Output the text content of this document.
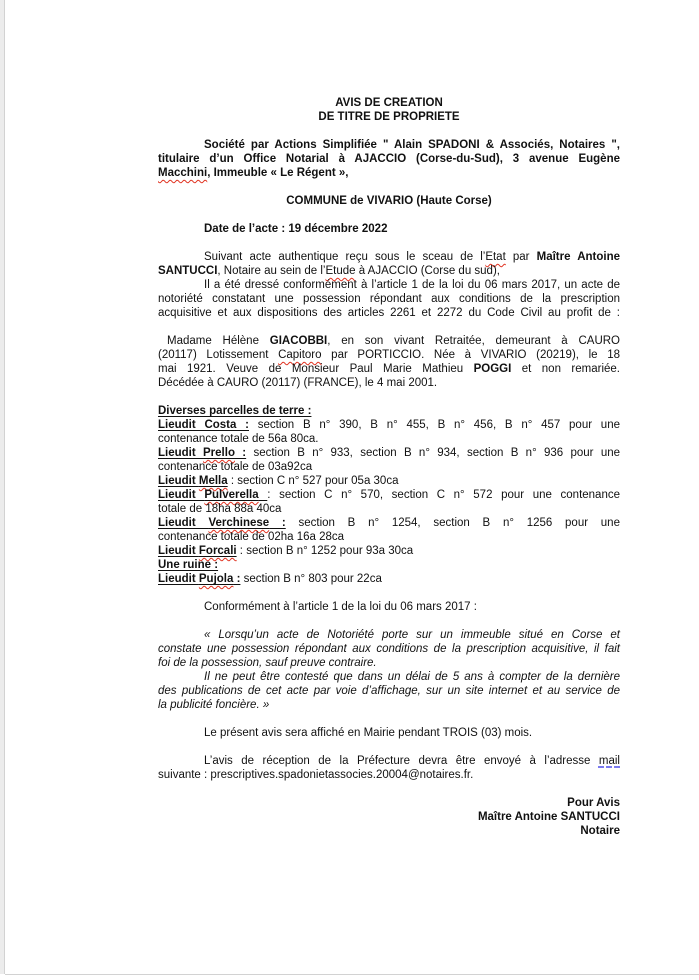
AVIS DE CREATION
DE TITRE DE PROPRIETE
Société par Actions Simplifiée " Alain SPADONI & Associés, Notaires ",
titulaire d’un Office Notarial à AJACCIO (Corse-du-Sud), 3 avenue Eugène
Macchini, Immeuble « Le Régent »,
COMMUNE de VIVARIO (Haute Corse)
Date de l’acte : 19 décembre 2022
Suivant acte authentique reçu sous le sceau de l’Etat par Maître Antoine
SANTUCCI, Notaire au sein de l’Etude à AJACCIO (Corse du sud),
Il a été dressé conformément à l’article 1 de la loi du 06 mars 2017, un acte de
notoriété constatant une possession répondant aux conditions de la prescription
acquisitive et aux dispositions des articles 2261 et 2272 du Code Civil au profit de :
Madame Hélène GIACOBBI, en son vivant Retraitée, demeurant à CAURO
(20117) Lotissement Capitoro par PORTICCIO. Née à VIVARIO (20219), le 18
mai 1921. Veuve de Monsieur Paul Marie Mathieu POGGI et non remariée.
Décédée à CAURO (20117) (FRANCE), le 4 mai 2001.
Diverses parcelles de terre :
Lieudit Costa : section B n° 390, B n° 455, B n° 456, B n° 457 pour une
contenance totale de 56a 80ca.
Lieudit Prello : section B n° 933, section B n° 934, section B n° 936 pour une
contenance totale de 03a92ca
Lieudit Mella : section C n° 527 pour 05a 30ca
Lieudit Pulverella : section C n° 570, section C n° 572 pour une contenance
totale de 18ha 88a 40ca
Lieudit Verchinese : section B n° 1254, section B n° 1256 pour une
contenance totale de 02ha 16a 28ca
Lieudit Forcali : section B n° 1252 pour 93a 30ca
Une ruine :
Lieudit Pujola : section B n° 803 pour 22ca
Conformément à l’article 1 de la loi du 06 mars 2017 :
« Lorsqu’un acte de Notoriété porte sur un immeuble situé en Corse et
constate une possession répondant aux conditions de la prescription acquisitive, il fait
foi de la possession, sauf preuve contraire.
Il ne peut être contesté que dans un délai de 5 ans à compter de la dernière
des publications de cet acte par voie d’affichage, sur un site internet et au service de
la publicité foncière. »
Le présent avis sera affiché en Mairie pendant TROIS (03) mois.
L’avis de réception de la Préfecture devra être envoyé à l’adresse mail
suivante : prescriptives.spadonietassocies.20004@notaires.fr.
Pour Avis
Maître Antoine SANTUCCI
Notaire
